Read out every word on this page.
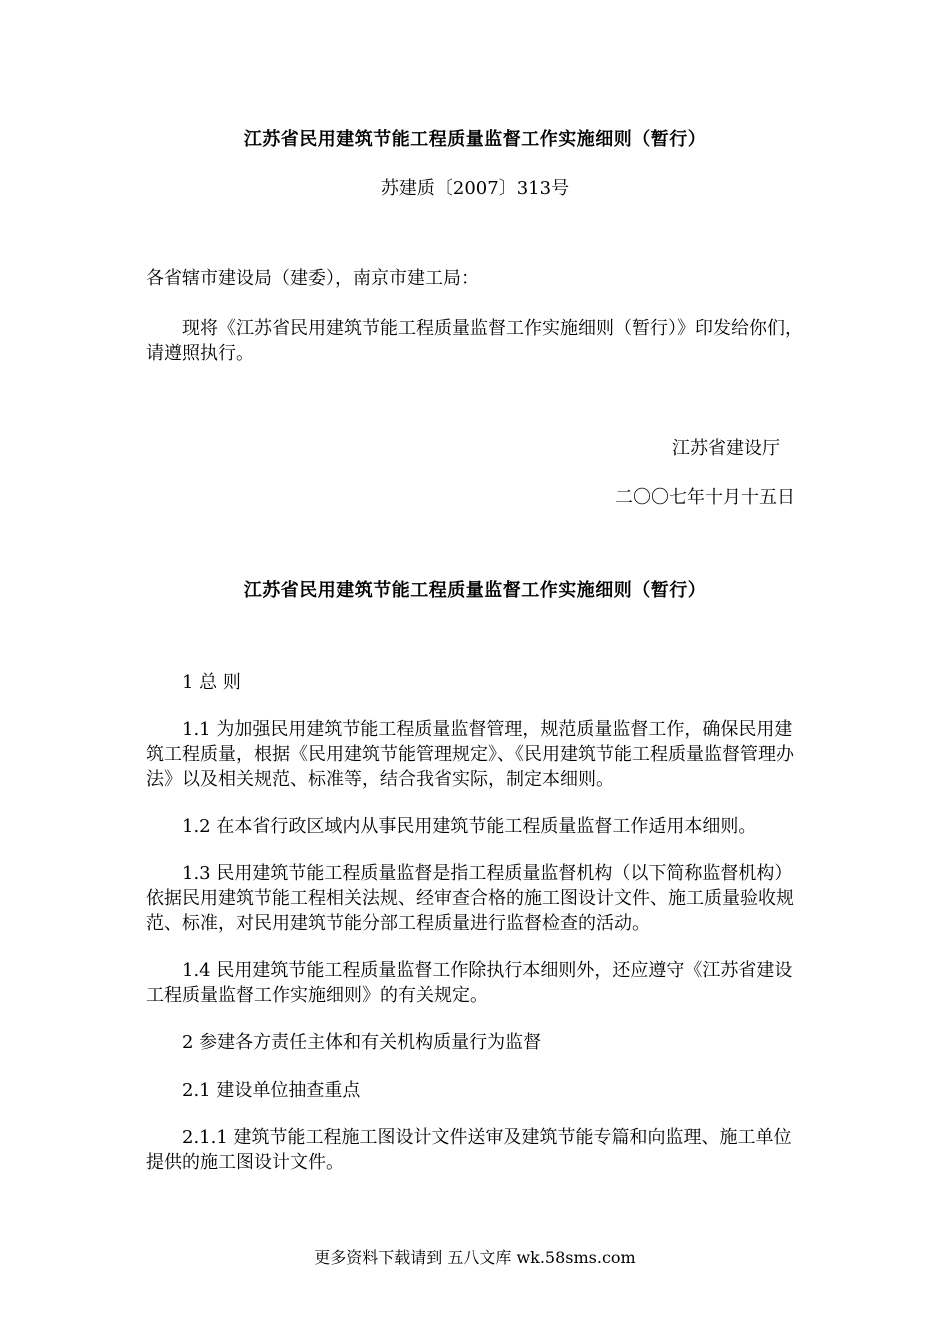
江苏省民用建筑节能工程质量监督工作实施细则（暂行）
苏建质〔2007〕313号

各省辖市建设局（建委），南京市建工局：

现将《江苏省民用建筑节能工程质量监督工作实施细则（暂行）》印发给你们，请遵照执行。

江苏省建设厅
二〇〇七年十月十五日
江苏省民用建筑节能工程质量监督工作实施细则（暂行）

1 总 则

1.1 为加强民用建筑节能工程质量监督管理，规范质量监督工作，确保民用建筑工程质量，根据《民用建筑节能管理规定》、《民用建筑节能工程质量监督管理办法》以及相关规范、标准等，结合我省实际，制定本细则。

1.2 在本省行政区域内从事民用建筑节能工程质量监督工作适用本细则。

1.3 民用建筑节能工程质量监督是指工程质量监督机构（以下简称监督机构）依据民用建筑节能工程相关法规、经审查合格的施工图设计文件、施工质量验收规范、标准，对民用建筑节能分部工程质量进行监督检查的活动。

1.4 民用建筑节能工程质量监督工作除执行本细则外，还应遵守《江苏省建设工程质量监督工作实施细则》的有关规定。

2 参建各方责任主体和有关机构质量行为监督

2.1 建设单位抽查重点

2.1.1 建筑节能工程施工图设计文件送审及建筑节能专篇和向监理、施工单位提供的施工图设计文件。

更多资料下载请到 五八文库 wk.58sms.com
